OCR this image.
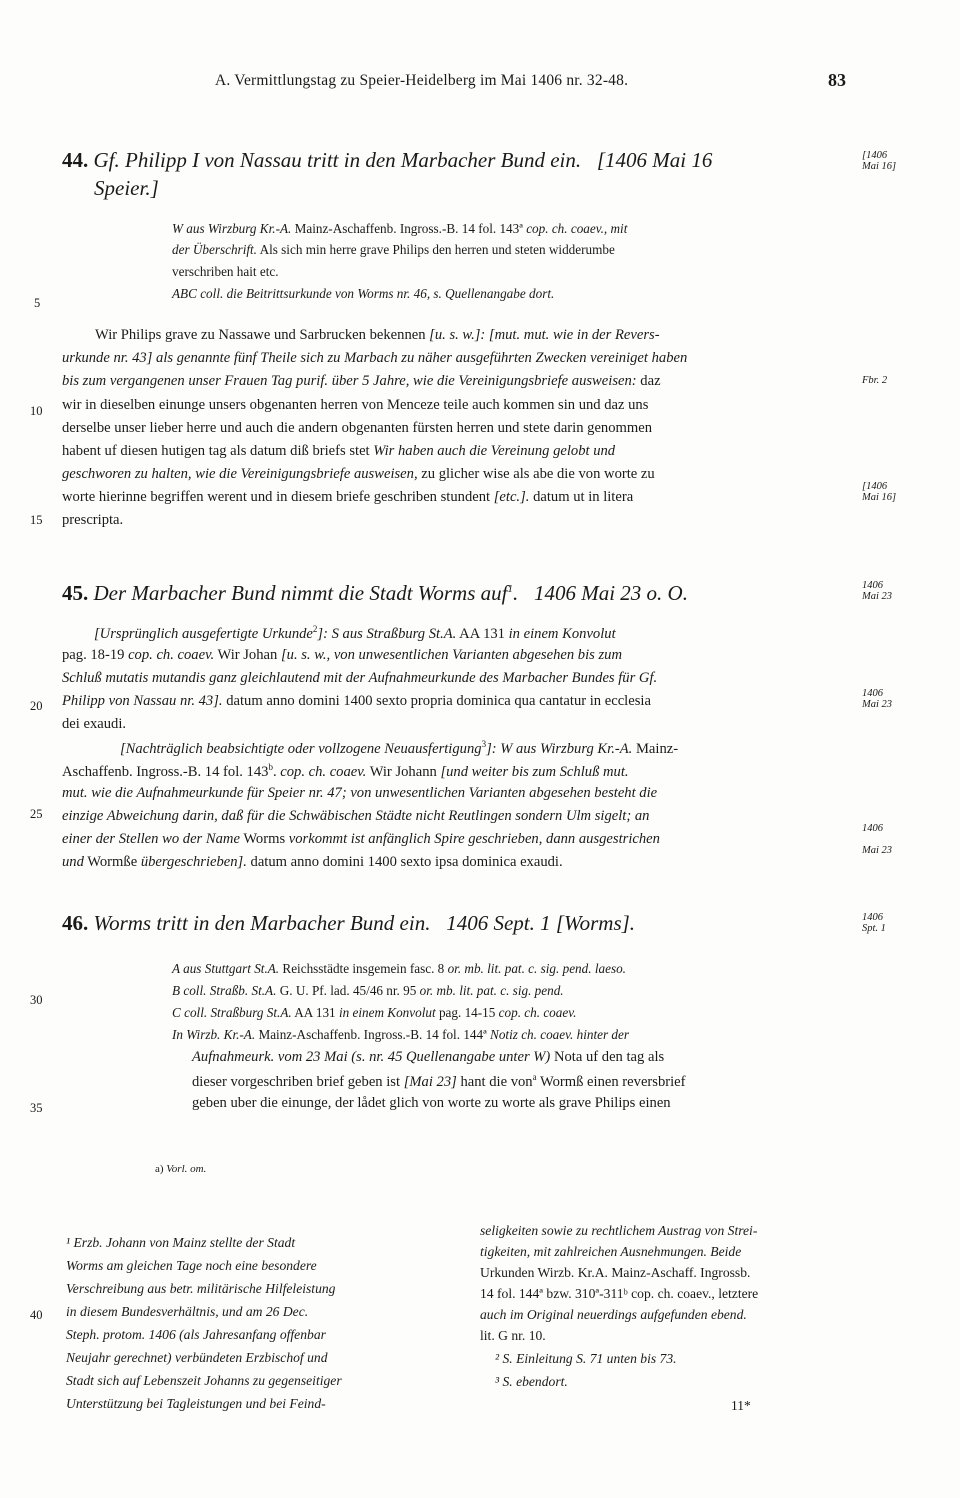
A. Vermittlungstag zu Speier-Heidelberg im Mai 1406 nr. 32-48.	83
5
10
15
20
25
30
35
40
44. Gf. Philipp I von Nassau tritt in den Marbacher Bund ein. [1406 Mai 16
Speier.]
[1406
Mai 16]
W aus Wirzburg Kr.-A. Mainz-Aschaffenb. Ingross.-B. 14 fol. 143ª cop. ch. coaev., mit
der Überschrift. Als sich min herre grave Philips den herren und steten widderumbe
verschriben hait etc.
ABC coll. die Beitrittsurkunde von Worms nr. 46, s. Quellenangabe dort.
Wir Philips grave zu Nassawe und Sarbrucken bekennen [u. s. w.]: [mut. mut. wie in der Revers-
urkunde nr. 43] als genannte fünf Theile sich zu Marbach zu näher ausgeführten Zwecken vereiniget haben
bis zum vergangenen unser Frauen Tag purif. über 5 Jahre, wie die Vereinigungsbriefe ausweisen: daz	Fbr. 2
wir in dieselben einunge unsers obgenanten herren von Menceze teile auch kommen sin und daz uns
derselbe unser lieber herre und auch die andern obgenanten fürsten herren und stete darin genommen
habent uf diesen hutigen tag als datum diß briefs stet Wir haben auch die Vereinung gelobt und
geschworen zu halten, wie die Vereinigungsbriefe ausweisen, zu glicher wise als abe die von worte zu
worte hierinne begriffen werent und in diesem briefe geschriben stundent [etc.]. datum ut in litera
[1406
Mai 16]
prescripta.
45. Der Marbacher Bund nimmt die Stadt Worms auf$^1$.   1406 Mai 23 o. O.	1406
Mai 23
[Ursprünglich ausgefertigte Urkunde$^2$]: S aus Straßburg St.A. AA 131 in einem Konvolut
pag. 18-19 cop. ch. coaev. Wir Johan [u. s. w., von unwesentlichen Varianten abgesehen bis zum
Schluß mutatis mutandis ganz gleichlautend mit der Aufnahmeurkunde des Marbacher Bundes für Gf.
Philipp von Nassau nr. 43]. datum anno domini 1400 sexto propria dominica qua cantatur in ecclesia	1406
Mai 23
dei exaudi.
[Nachträglich beabsichtigte oder vollzogene Neuausfertigung$^3$]: W aus Wirzburg Kr.-A. Mainz-
Aschaffenb. Ingross.-B. 14 fol. 143$^b$. cop. ch. coaev. Wir Johann [und weiter bis zum Schluß mut.
mut. wie die Aufnahmeurkunde für Speier nr. 47; von unwesentlichen Varianten abgesehen besteht die
einzige Abweichung darin, daß für die Schwäbischen Städte nicht Reutlingen sondern Ulm sigelt; an
einer der Stellen wo der Name Worms vorkommt ist anfänglich Spire geschrieben, dann ausgestrichen
1406
und Wormße übergeschrieben]. datum anno domini 1400 sexto ipsa dominica exaudi.
Mai 23
46. Worms tritt in den Marbacher Bund ein. 1406 Sept. 1 [Worms].	1406
Spt. 1
A aus Stuttgart St.A. Reichsstädte insgemein fasc. 8 or. mb. lit. pat. c. sig. pend. laeso.
B coll. Straßb. St.A. G. U. Pf. lad. 45/46 nr. 95 or. mb. lit. pat. c. sig. pend.
C coll. Straßburg St.A. AA 131 in einem Konvolut pag. 14-15 cop. ch. coaev.
In Wirzb. Kr.-A. Mainz-Aschaffenb. Ingross.-B. 14 fol. 144ª Notiz ch. coaev. hinter der
Aufnahmeurk. vom 23 Mai (s. nr. 45 Quellenangabe unter W) Nota uf den tag als
dieser vorgeschriben brief geben ist [Mai 23] hant die von$^a$ Wormß einen reversbrief
geben uber die einunge, der lådet glich von worte zu worte als grave Philips einen
a) Vorl. om.
¹ Erzb. Johann von Mainz stellte der Stadt
Worms am gleichen Tage noch eine besondere
Verschreibung aus betr. militärische Hilfeleistung
in diesem Bundesverhältnis, und am 26 Dec.
Steph. protom. 1406 (als Jahresanfang offenbar
Neujahr gerechnet) verbündeten Erzbischof und
Stadt sich auf Lebenszeit Johanns zu gegenseitiger
Unterstützung bei Tagleistungen und bei Feind-
seligkeiten sowie zu rechtlichem Austrag von Strei-
tigkeiten, mit zahlreichen Ausnehmungen. Beide
Urkunden Wirzb. Kr.A. Mainz-Aschaff. Ingrossb.
14 fol. 144ª bzw. 310ª-311ᵇ cop. ch. coaev., letztere
auch im Original neuerdings aufgefunden ebend.
lit. G nr. 10.
² S. Einleitung S. 71 unten bis 73.
³ S. ebendort.
11*
